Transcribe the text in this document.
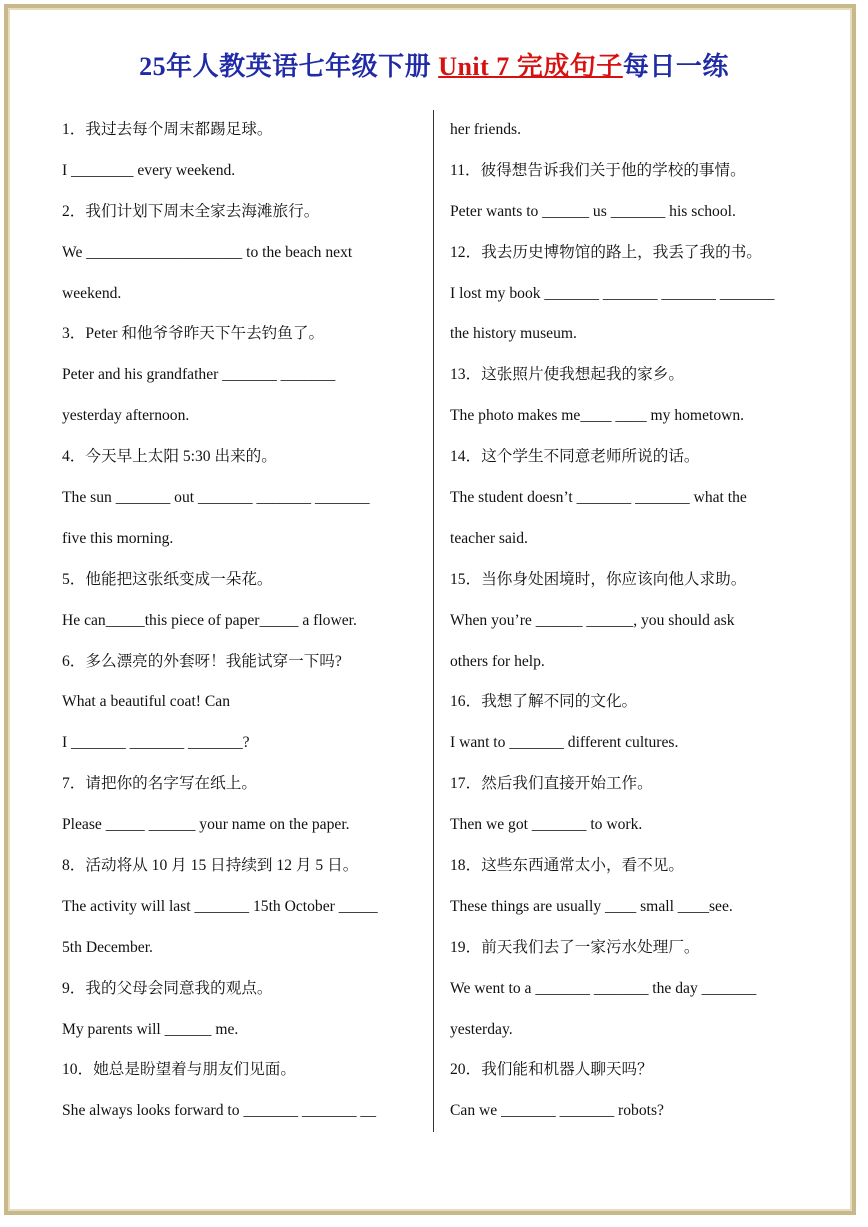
25年人教英语七年级下册 Unit 7 完成句子每日一练
1．我过去每个周末都踢足球。
I ________ every weekend.
2．我们计划下周末全家去海滩旅行。
We ____________________ to the beach next
weekend.
3．Peter 和他爷爷昨天下午去钓鱼了。
Peter and his grandfather _______ _______
yesterday afternoon.
4．今天早上太阳 5:30 出来的。
The sun _______ out _______ _______ _______
five this morning.
5．他能把这张纸变成一朵花。
He can_____this piece of paper_____ a flower.
6．多么漂亮的外套呀！我能试穿一下吗?
What a beautiful coat! Can
I _______ _______ _______?
7．请把你的名字写在纸上。
Please _____ ______ your name on the paper.
8．活动将从 10 月 15 日持续到 12 月 5 日。
The activity will last _______ 15th October _____
5th December.
9．我的父母会同意我的观点。
My parents will ______ me.
10．她总是盼望着与朋友们见面。
She always looks forward to _______ _______ __
her friends.
11．彼得想告诉我们关于他的学校的事情。
Peter wants to ______ us _______ his school.
12．我去历史博物馆的路上，我丢了我的书。
I lost my book _______ _______ _______ _______
the history museum.
13．这张照片使我想起我的家乡。
The photo makes me____ ____ my hometown.
14．这个学生不同意老师所说的话。
The student doesn’t _______ _______ what the
teacher said.
15．当你身处困境时，你应该向他人求助。
When you’re ______ ______, you should ask
others for help.
16．我想了解不同的文化。
I want to _______ different cultures.
17．然后我们直接开始工作。
Then we got _______ to work.
18．这些东西通常太小，看不见。
These things are usually ____ small ____see.
19．前天我们去了一家污水处理厂。
We went to a _______ _______ the day _______
yesterday.
20．我们能和机器人聊天吗？
Can we _______ _______ robots?
